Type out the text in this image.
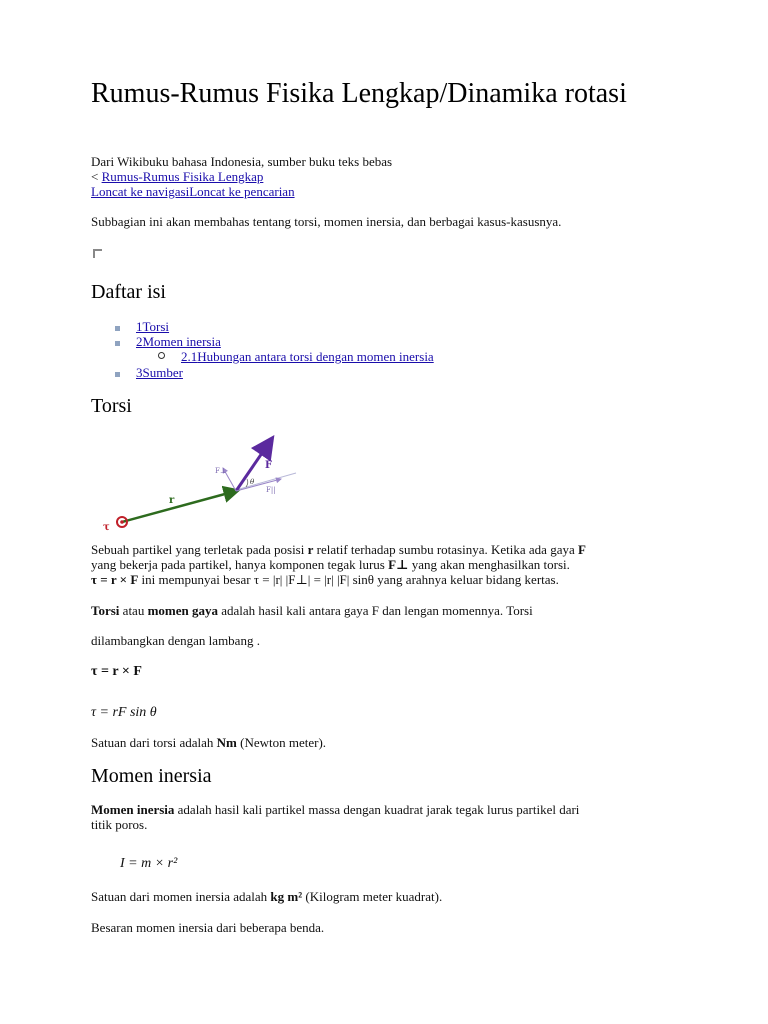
Rumus-Rumus Fisika Lengkap/Dinamika rotasi
Dari Wikibuku bahasa Indonesia, sumber buku teks bebas
< Rumus-Rumus Fisika Lengkap
Loncat ke navigasiLoncat ke pencarian
Subbagian ini akan membahas tentang torsi, momen inersia, dan berbagai kasus-kasusnya.
Daftar isi
1Torsi
2Momen inersia
2.1Hubungan antara torsi dengan momen inersia
3Sumber
Torsi
F
F⊥
θ
F||
r
τ
Sebuah partikel yang terletak pada posisi r relatif terhadap sumbu rotasinya. Ketika ada gaya F
yang bekerja pada partikel, hanya komponen tegak lurus F⊥ yang akan menghasilkan torsi.
τ = r × F ini mempunyai besar τ = |r| |F⊥| = |r| |F| sinθ yang arahnya keluar bidang kertas.
Torsi atau momen gaya adalah hasil kali antara gaya F dan lengan momennya. Torsi
dilambangkan dengan lambang .
τ = r × F
τ = rF sin θ
Satuan dari torsi adalah Nm (Newton meter).
Momen inersia
Momen inersia adalah hasil kali partikel massa dengan kuadrat jarak tegak lurus partikel dari
titik poros.
I = m × r²
Satuan dari momen inersia adalah kg m² (Kilogram meter kuadrat).
Besaran momen inersia dari beberapa benda.
